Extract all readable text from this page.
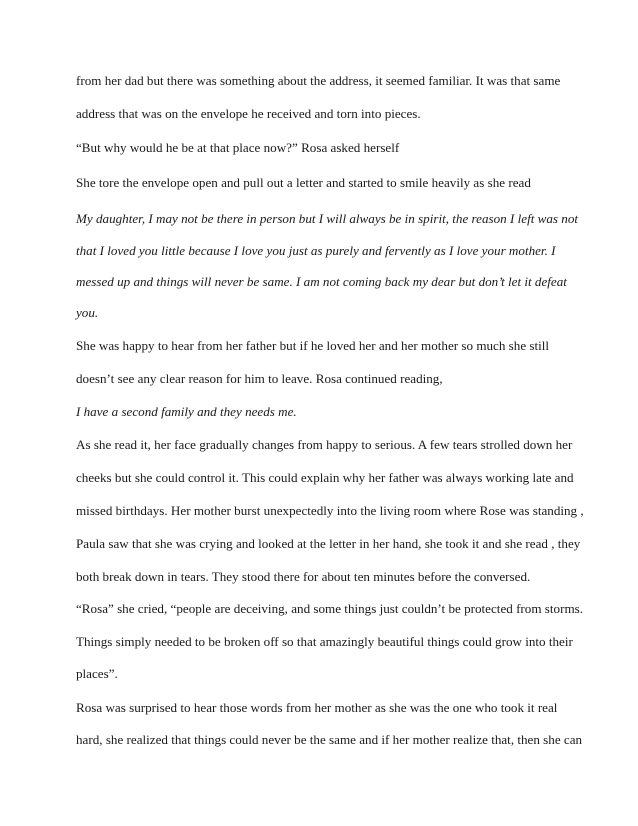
from her dad but there was something about the address, it seemed familiar. It was that same

address that was on the envelope he received and torn into pieces.

“But why would he be at that place now?” Rosa asked herself

She tore the envelope open and pull out a letter and started to smile heavily as she read

My daughter, I may not be there in person but I will always be in spirit, the reason I left was not

that I loved you little because I love you just as purely and fervently as I love your mother. I

messed up and things will never be same. I am not coming back my dear but don’t let it defeat

you.

She was happy to hear from her father but if he loved her and her mother so much she still

doesn’t see any clear reason for him to leave. Rosa continued reading,

I have a second family and they needs me.

As she read it, her face gradually changes from happy to serious. A few tears strolled down her

cheeks but she could control it. This could explain why her father was always working late and

missed birthdays. Her mother burst unexpectedly into the living room where Rose was standing ,

Paula saw that she was crying and looked at the letter in her hand, she took it and she read , they

both break down in tears. They stood there for about ten minutes before the conversed.

“Rosa” she cried, “people are deceiving, and some things just couldn’t be protected from storms.

Things simply needed to be broken off so that amazingly beautiful things could grow into their

places”.

Rosa was surprised to hear those words from her mother as she was the one who took it real

hard, she realized that things could never be the same and if her mother realize that, then she can
